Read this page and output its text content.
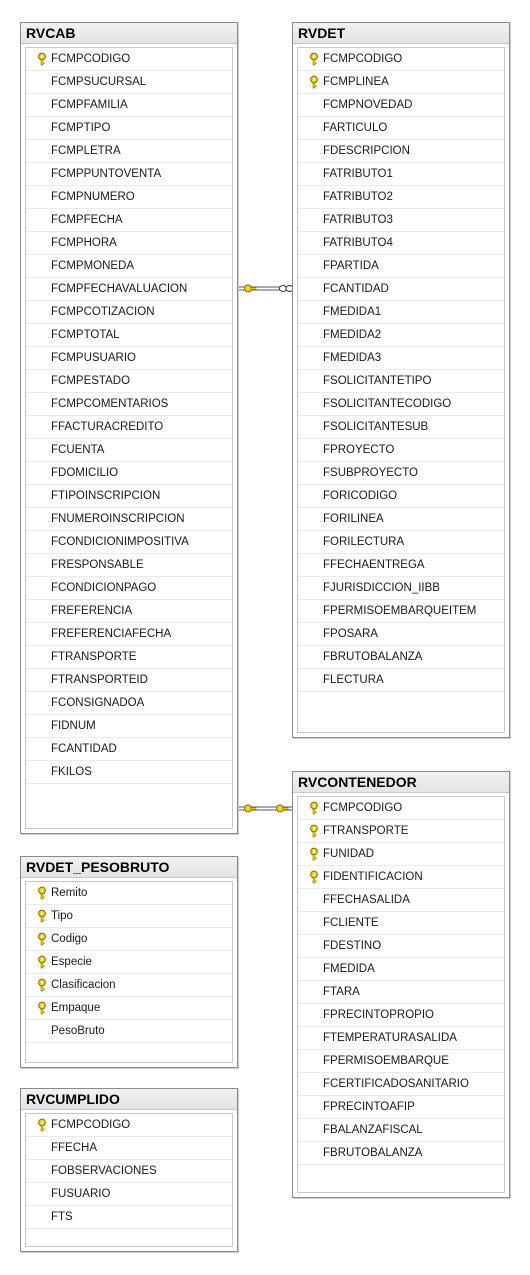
RVCAB
FCMPCODIGO
FCMPSUCURSAL
FCMPFAMILIA
FCMPTIPO
FCMPLETRA
FCMPPUNTOVENTA
FCMPNUMERO
FCMPFECHA
FCMPHORA
FCMPMONEDA
FCMPFECHAVALUACION
FCMPCOTIZACION
FCMPTOTAL
FCMPUSUARIO
FCMPESTADO
FCMPCOMENTARIOS
FFACTURACREDITO
FCUENTA
FDOMICILIO
FTIPOINSCRIPCION
FNUMEROINSCRIPCION
FCONDICIONIMPOSITIVA
FRESPONSABLE
FCONDICIONPAGO
FREFERENCIA
FREFERENCIAFECHA
FTRANSPORTE
FTRANSPORTEID
FCONSIGNADOA
FIDNUM
FCANTIDAD
FKILOS
RVDET
FCMPCODIGO
FCMPLINEA
FCMPNOVEDAD
FARTICULO
FDESCRIPCION
FATRIBUTO1
FATRIBUTO2
FATRIBUTO3
FATRIBUTO4
FPARTIDA
FCANTIDAD
FMEDIDA1
FMEDIDA2
FMEDIDA3
FSOLICITANTETIPO
FSOLICITANTECODIGO
FSOLICITANTESUB
FPROYECTO
FSUBPROYECTO
FORICODIGO
FORILINEA
FORILECTURA
FFECHAENTREGA
FJURISDICCION_IIBB
FPERMISOEMBARQUEITEM
FPOSARA
FBRUTOBALANZA
FLECTURA
RVCONTENEDOR
FCMPCODIGO
FTRANSPORTE
FUNIDAD
FIDENTIFICACION
FFECHASALIDA
FCLIENTE
FDESTINO
FMEDIDA
FTARA
FPRECINTOPROPIO
FTEMPERATURASALIDA
FPERMISOEMBARQUE
FCERTIFICADOSANITARIO
FPRECINTOAFIP
FBALANZAFISCAL
FBRUTOBALANZA
RVDET_PESOBRUTO
Remito
Tipo
Codigo
Especie
Clasificacion
Empaque
PesoBruto
RVCUMPLIDO
FCMPCODIGO
FFECHA
FOBSERVACIONES
FUSUARIO
FTS
